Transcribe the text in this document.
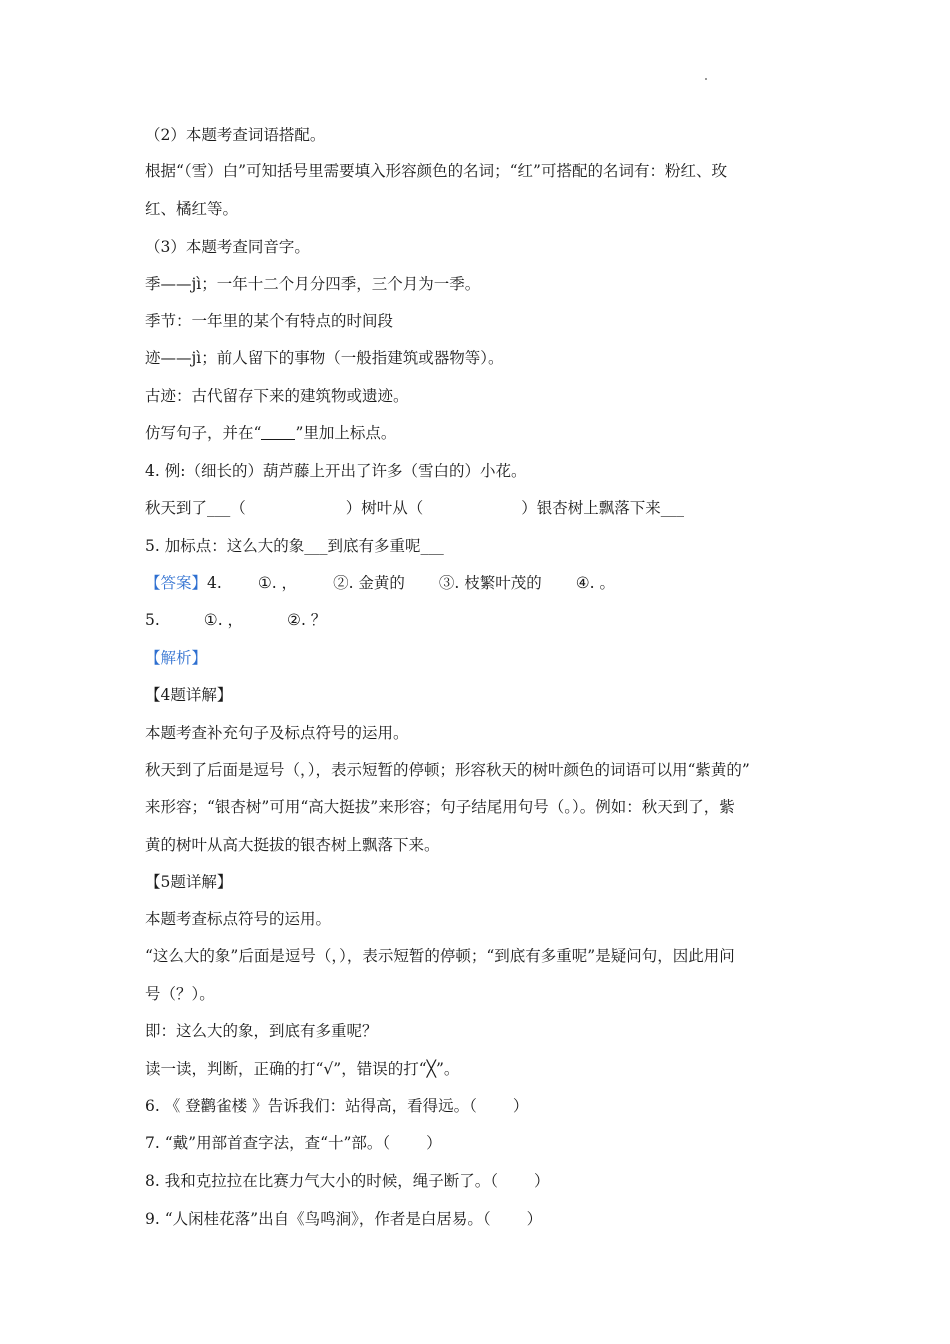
（2）本题考查词语搭配。
根据“（雪）白”可知括号里需要填入形容颜色的名词；“红”可搭配的名词有：粉红、玫
红、橘红等。
（3）本题考查同音字。
季——jì；一年十二个月分四季，三个月为一季。
季节：一年里的某个有特点的时间段
迹——jì；前人留下的事物（一般指建筑或器物等）。
古迹：古代留存下来的建筑物或遗迹。
仿写句子，并在“ ”里加上标点。
4. 例:（细长的）葫芦藤上开出了许多（雪白的）小花。
秋天到了___（	）树叶从（	）银杏树上飘落下来___
5. 加标点：这么大的象___到底有多重呢___
【答案】4. ①. ， ②. 金黄的 ③. 枝繁叶茂的 ④. 。
5.	①. ，	②. ？
【解析】
【4题详解】
本题考查补充句子及标点符号的运用。
秋天到了后面是逗号（，），表示短暂的停顿；形容秋天的树叶颜色的词语可以用“紫黄的”
来形容；“银杏树”可用“高大挺拔”来形容；句子结尾用句号（。）。例如：秋天到了，紫
黄的树叶从高大挺拔的银杏树上飘落下来。
【5题详解】
本题考查标点符号的运用。
“这么大的象”后面是逗号（，），表示短暂的停顿；“到底有多重呢”是疑问句，因此用问
号（？）。
即：这么大的象，到底有多重呢？
读一读，判断，正确的打“√”，错误的打“╳”。
6. 《 登鹳雀楼 》告诉我们：站得高，看得远。（ ）
7. “戴”用部首查字法，查“十”部。（ ）
8. 我和克拉拉在比赛力气大小的时候，绳子断了。（ ）
9. “人闲桂花落”出自《鸟鸣涧》，作者是白居易。（ ）
